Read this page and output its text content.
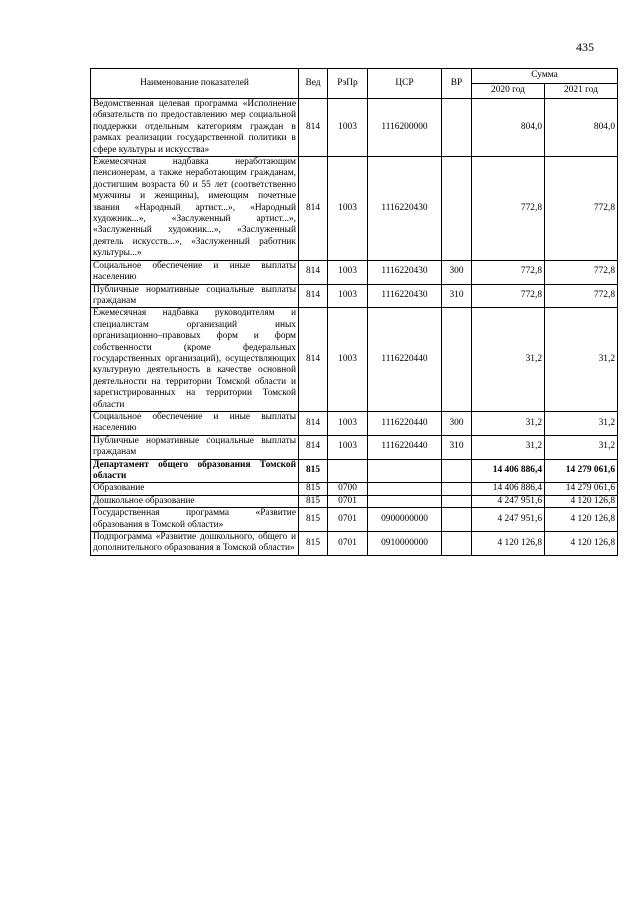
435
Наименование показателей	Вед	РзПр	ЦСР	ВР	Сумма	
					2020 год	2021 год
Ведомственная целевая программа «Исполнение обязательств по предоставлению мер социальной поддержки отдельным категориям граждан в рамках реализации государственной политики в сфере культуры и искусства»	814	1003	1116200000		804,0	804,0
Ежемесячная надбавка неработающим пенсионерам, а также неработающим гражданам, достигшим возраста 60 и 55 лет (соответственно мужчины и женщины), имеющим почетные звания «Народный артист...», «Народный художник...», «Заслуженный артист...», «Заслуженный художник...», «Заслуженный деятель искусств...», «Заслуженный работник культуры...»	814	1003	1116220430		772,8	772,8
Социальное обеспечение и иные выплаты населению	814	1003	1116220430	300	772,8	772,8
Публичные нормативные социальные выплаты гражданам	814	1003	1116220430	310	772,8	772,8
Ежемесячная надбавка руководителям и специалистам организаций иных организационно–правовых форм и форм собственности (кроме федеральных государственных организаций), осуществляющих культурную деятельность в качестве основной деятельности на территории Томской области и зарегистрированных на территории Томской области	814	1003	1116220440		31,2	31,2
Социальное обеспечение и иные выплаты населению	814	1003	1116220440	300	31,2	31,2
Публичные нормативные социальные выплаты гражданам	814	1003	1116220440	310	31,2	31,2
Департамент общего образования Томской области	815				14 406 886,4	14 279 061,6
Образование	815	0700			14 406 886,4	14 279 061,6
Дошкольное образование	815	0701			4 247 951,6	4 120 126,8
Государственная программа «Развитие образования в Томской области»	815	0701	0900000000		4 247 951,6	4 120 126,8
Подпрограмма «Развитие дошкольного, общего и дополнительного образования в Томской области»	815	0701	0910000000		4 120 126,8	4 120 126,8
